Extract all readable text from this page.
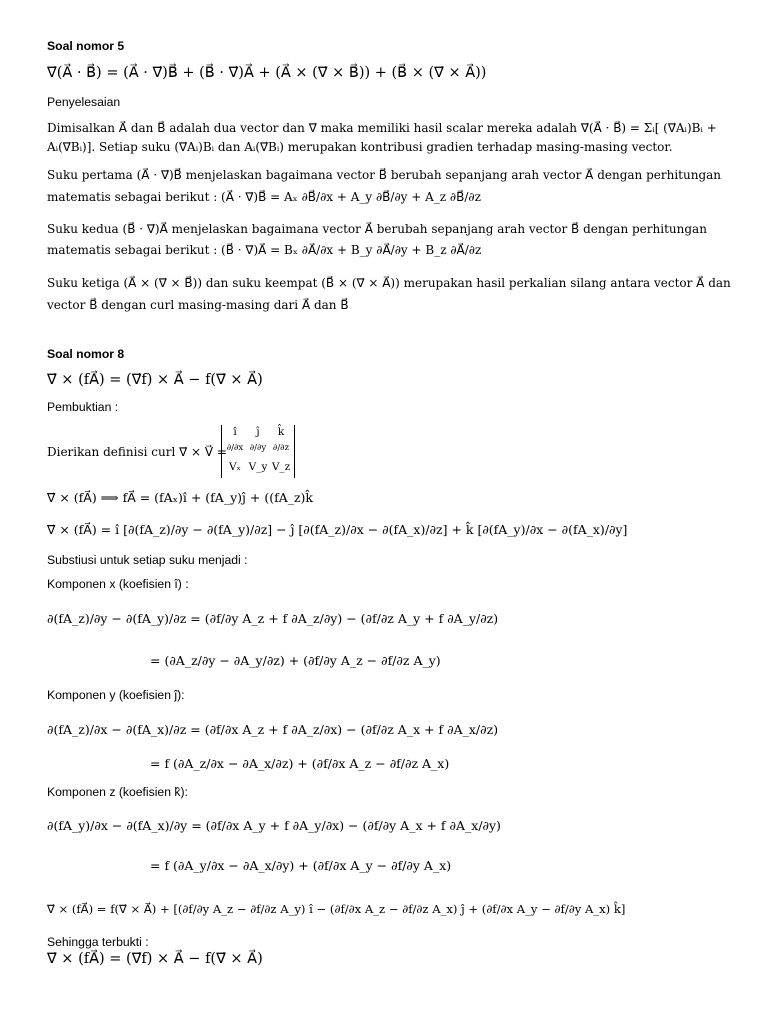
Soal nomor 5
∇⃗(A⃗ · B⃗) = (A⃗ · ∇⃗)B⃗ + (B⃗ · ∇⃗)A⃗ + (A⃗ × (∇⃗ × B⃗)) + (B⃗ × (∇⃗ × A⃗))
Penyelesaian
Dimisalkan A⃗ dan B⃗ adalah dua vector dan ∇⃗ maka memiliki hasil scalar mereka adalah ∇⃗(A⃗ · B⃗) = Σᵢ[ (∇⃗Aᵢ)Bᵢ +
Aᵢ(∇⃗Bᵢ)]. Setiap suku (∇⃗Aᵢ)Bᵢ dan Aᵢ(∇⃗Bᵢ) merupakan kontribusi gradien terhadap masing-masing vector.
Suku pertama (A⃗ · ∇⃗)B⃗ menjelaskan bagaimana vector B⃗ berubah sepanjang arah vector A⃗ dengan perhitungan
matematis sebagai berikut : (A⃗ · ∇⃗)B⃗ = Aₓ ∂B⃗/∂x + A_y ∂B⃗/∂y + A_z ∂B⃗/∂z
Suku kedua (B⃗ · ∇⃗)A⃗ menjelaskan bagaimana vector A⃗ berubah sepanjang arah vector B⃗ dengan perhitungan
matematis sebagai berikut : (B⃗ · ∇⃗)A⃗ = Bₓ ∂A⃗/∂x + B_y ∂A⃗/∂y + B_z ∂A⃗/∂z
Suku ketiga (A⃗ × (∇⃗ × B⃗)) dan suku keempat (B⃗ × (∇⃗ × A⃗)) merupakan hasil perkalian silang antara vector A⃗ dan
vector B⃗ dengan curl masing-masing dari A⃗ dan B⃗
Soal nomor 8
∇⃗ × (fA⃗) = (∇⃗f) × A⃗ − f(∇⃗ × A⃗)
Pembuktian :
Dierikan definisi curl ∇⃗ × V⃗ =
î	ĵ	k̂
∂/∂x ∂/∂y ∂/∂z
Vₓ V_y V_z
∇⃗ × (fA⃗) ⟹ fA⃗ = (fAₓ)î + (fA_y)ĵ + ((fA_z)k̂
∇⃗ × (fA⃗) = î [∂(fA_z)/∂y − ∂(fA_y)/∂z] − ĵ [∂(fA_z)/∂x − ∂(fA_x)/∂z] + k̂ [∂(fA_y)/∂x − ∂(fA_x)/∂y]
Substiusi untuk setiap suku menjadi :
Komponen x (koefisien î) :
∂(fA_z)/∂y − ∂(fA_y)/∂z = (∂f/∂y A_z + f ∂A_z/∂y) − (∂f/∂z A_y + f ∂A_y/∂z)
= (∂A_z/∂y − ∂A_y/∂z) + (∂f/∂y A_z − ∂f/∂z A_y)
Komponen y (koefisien ĵ):
∂(fA_z)/∂x − ∂(fA_x)/∂z = (∂f/∂x A_z + f ∂A_z/∂x) − (∂f/∂z A_x + f ∂A_x/∂z)
= f (∂A_z/∂x − ∂A_x/∂z) + (∂f/∂x A_z − ∂f/∂z A_x)
Komponen z (koefisien k̂):
∂(fA_y)/∂x − ∂(fA_x)/∂y = (∂f/∂x A_y + f ∂A_y/∂x) − (∂f/∂y A_x + f ∂A_x/∂y)
= f (∂A_y/∂x − ∂A_x/∂y) + (∂f/∂x A_y − ∂f/∂y A_x)
∇⃗ × (fA⃗) = f(∇⃗ × A⃗) + [(∂f/∂y A_z − ∂f/∂z A_y) î − (∂f/∂x A_z − ∂f/∂z A_x) ĵ + (∂f/∂x A_y − ∂f/∂y A_x) k̂]
Sehingga terbukti :
∇⃗ × (fA⃗) = (∇⃗f) × A⃗ − f(∇⃗ × A⃗)
